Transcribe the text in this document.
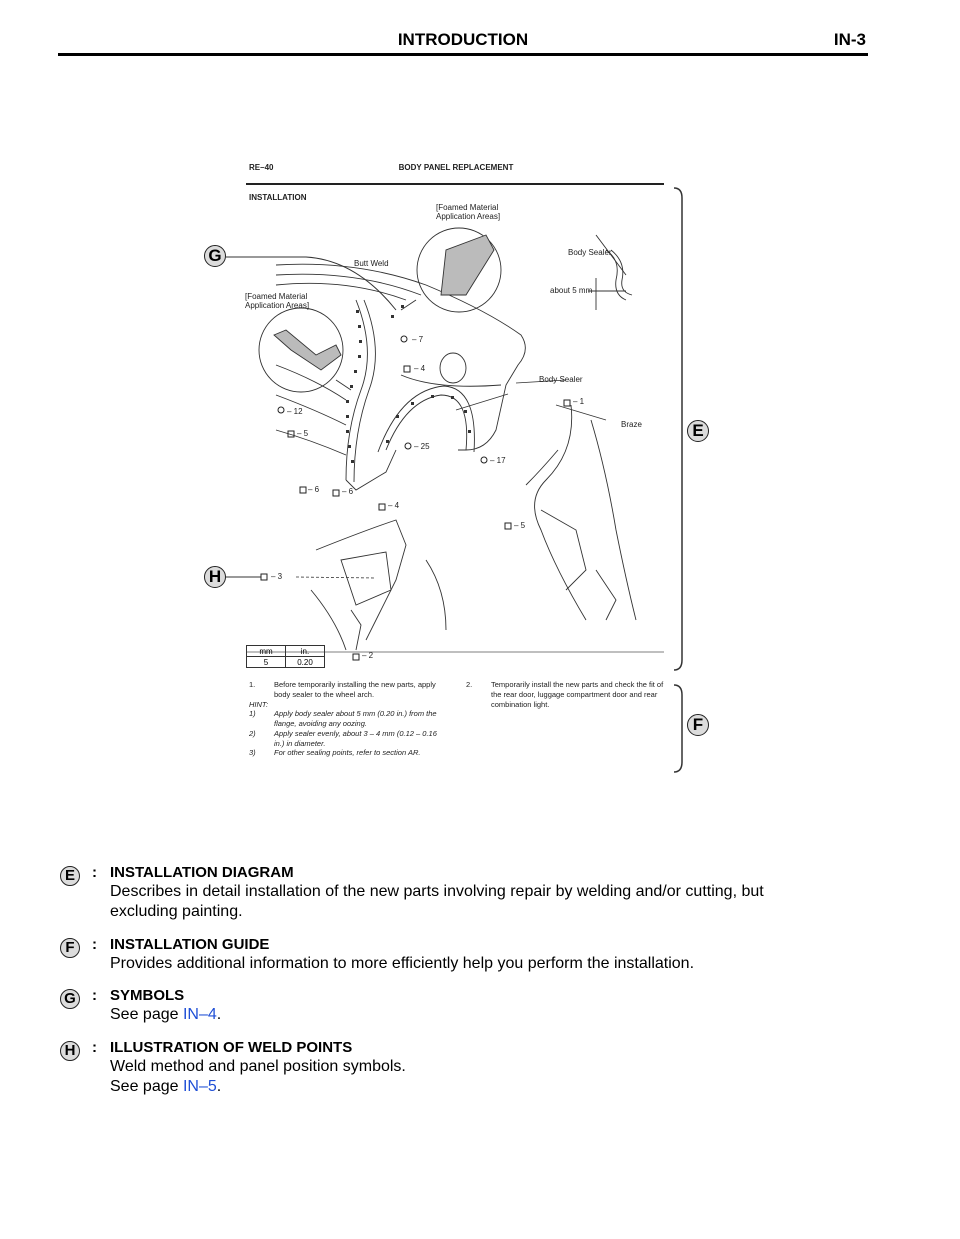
INTRODUCTION	IN-3
RE–40	BODY PANEL REPLACEMENT
INSTALLATION
[Foamed Material Application Areas]
[Foamed Material Application Areas]
Butt Weld
Body Sealer
about 5 mm
Body Sealer
Braze
– 7
– 4
– 12
– 5
– 25
– 17
– 6	– 6
– 1
– 4
– 5
– 3
– 2
1.	Before temporarily installing the new parts, apply body sealer to the wheel arch.
HINT:
1)	Apply body sealer about 5 mm (0.20 in.) from the flange, avoiding any oozing.
2)	Apply sealer evenly, about 3 – 4 mm (0.12 – 0.16 in.) in diameter.
3)	For other sealing points, refer to section AR.
2.	Temporarily install the new parts and check the fit of the rear door, luggage compartment door and rear combination light.
mm	in.
5	0.20
E
F
G
H
E	: INSTALLATION DIAGRAM
Describes in detail installation of the new parts involving repair by welding and/or cutting, but excluding painting.
F	: INSTALLATION GUIDE
Provides additional information to more efficiently help you perform the installation.
G : SYMBOLS
See page IN–4.
H	: ILLUSTRATION OF WELD POINTS
Weld method and panel position symbols.
See page IN–5.
